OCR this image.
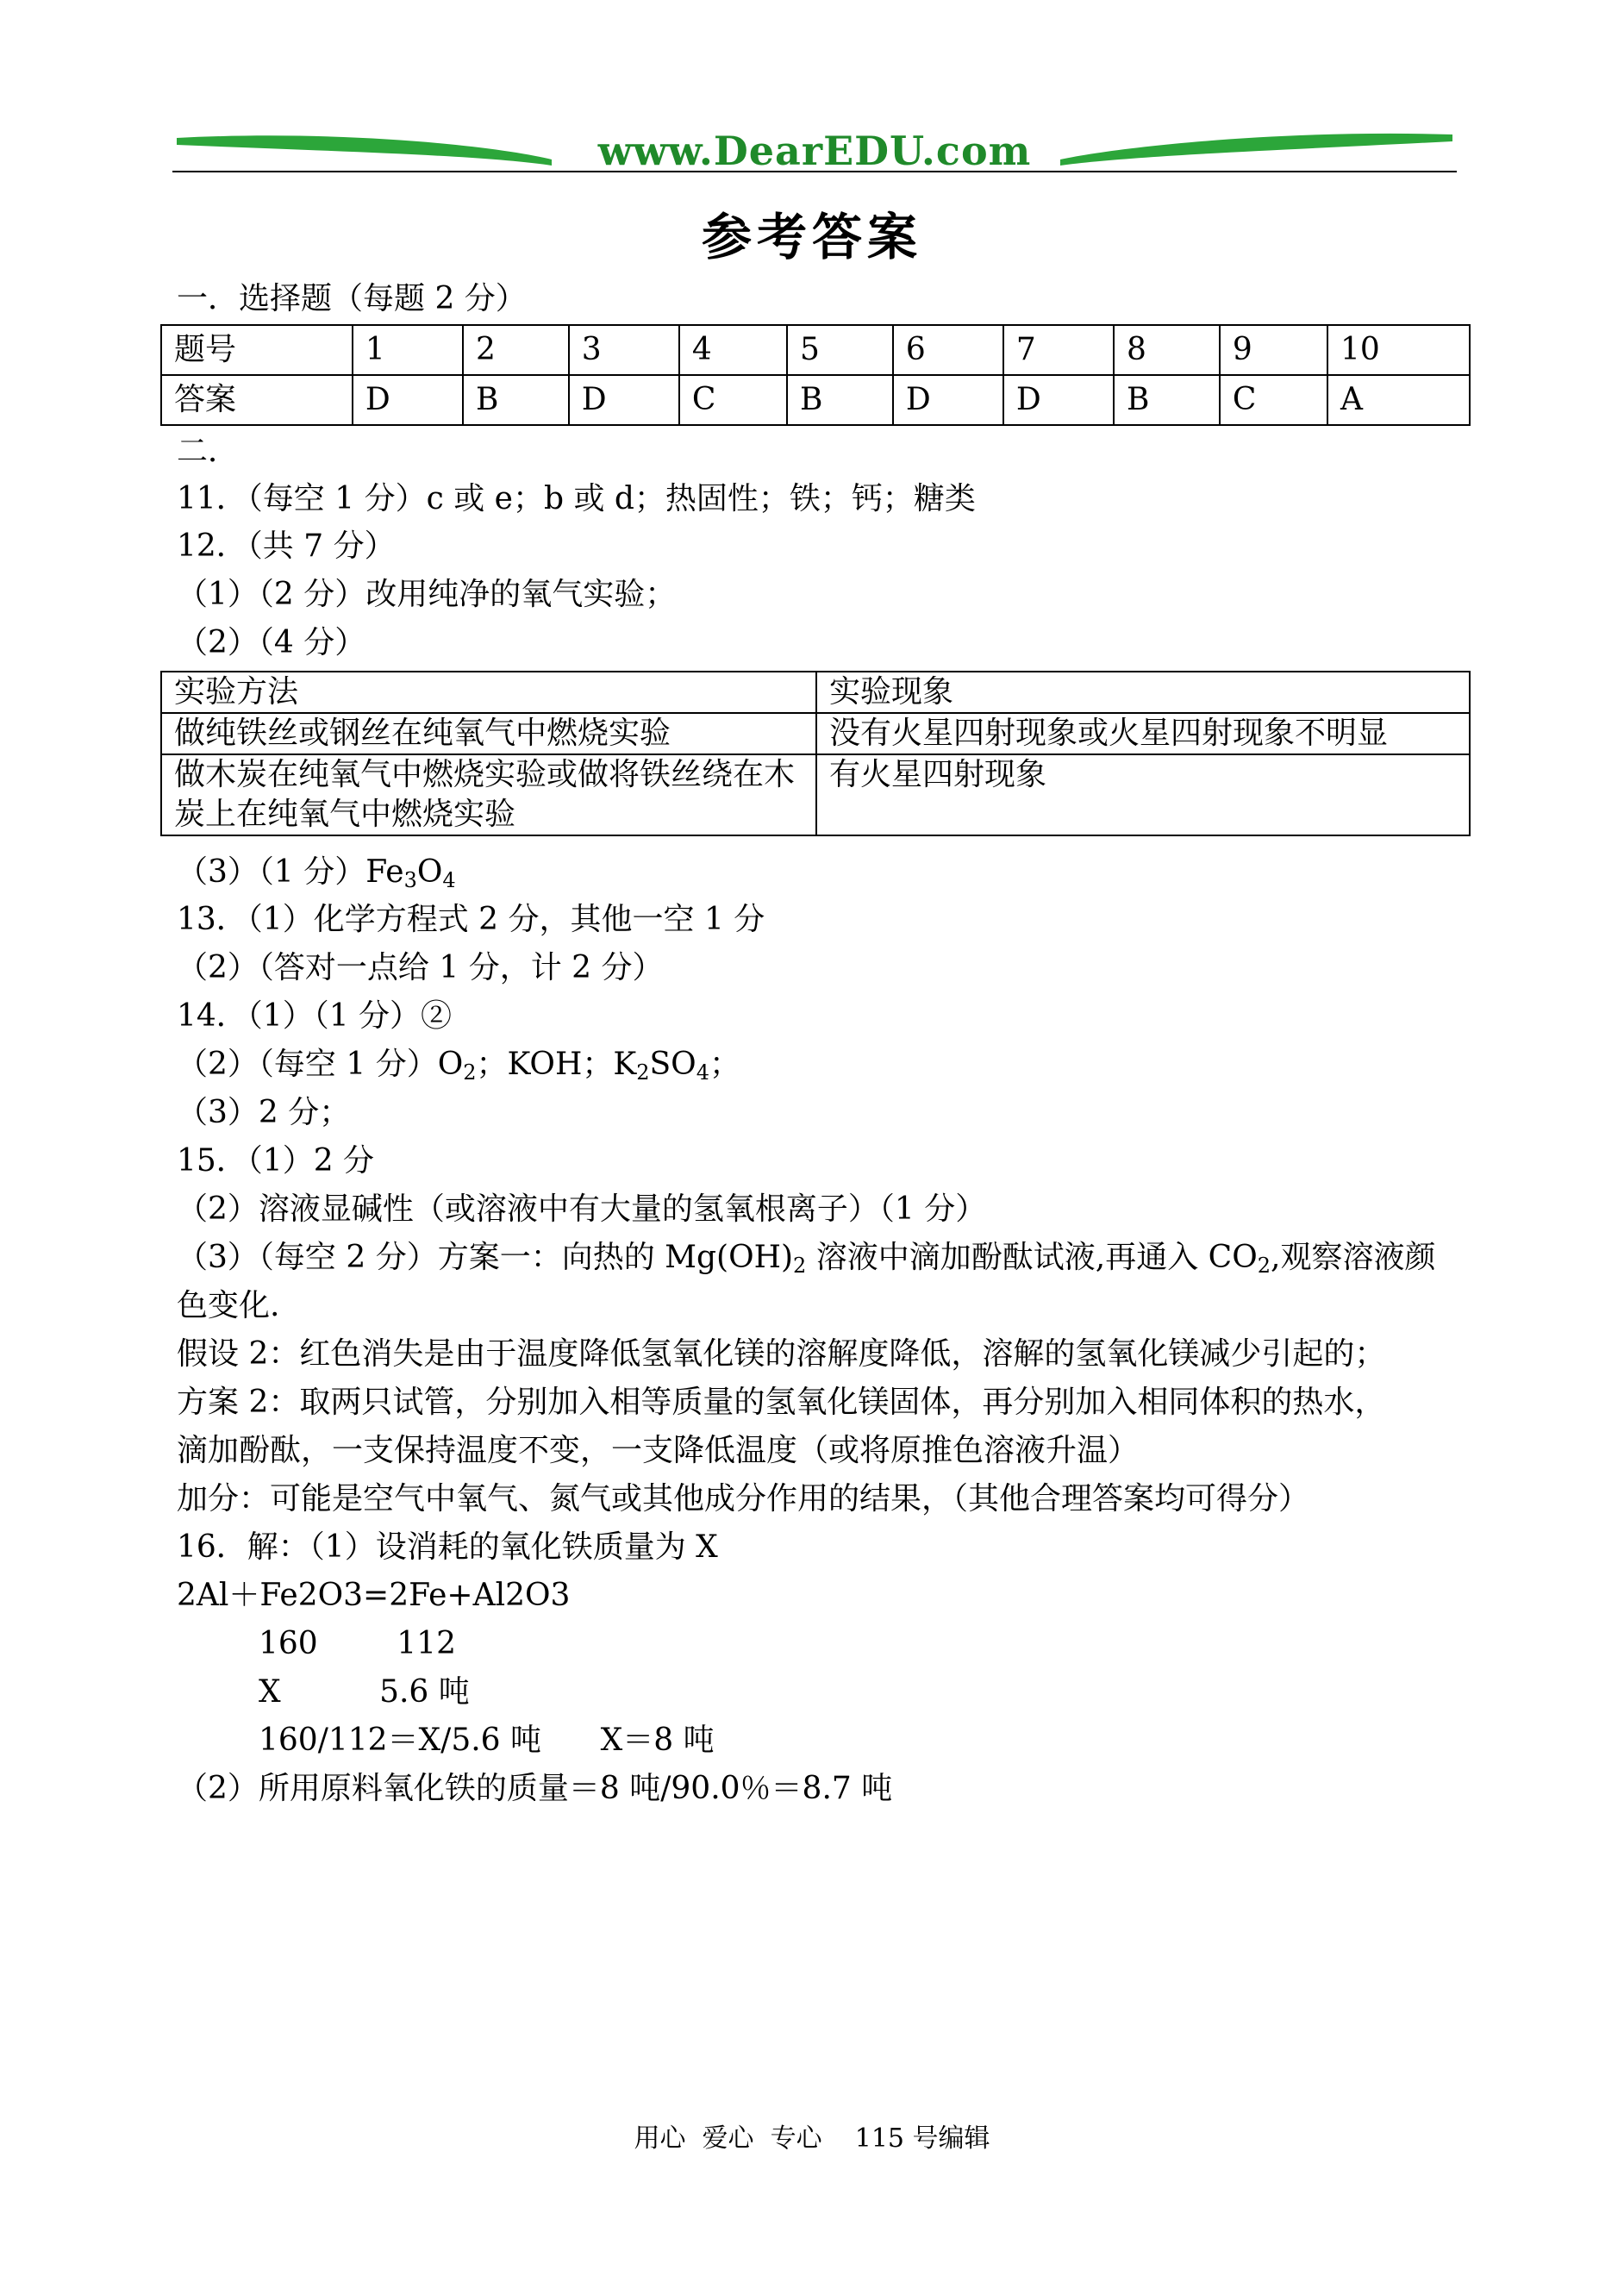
www.DearEDU.com
参考答案
一．选择题（每题 2 分）
题号	1	2	3	4	5	6	7	8	9	10
答案	D	B	D	C	B	D	D	B	C	A
二．
11．（每空 1 分）c 或 e；b 或 d；热固性；铁；钙；糖类
12．（共 7 分）
（1）（2 分）改用纯净的氧气实验；
（2）（4 分）
实验方法	实验现象
做纯铁丝或钢丝在纯氧气中燃烧实验	没有火星四射现象或火星四射现象不明显
做木炭在纯氧气中燃烧实验或做将铁丝绕在木炭上在纯氧气中燃烧实验	有火星四射现象
（3）（1 分）$Fe_3O_4$
13．（1）化学方程式 2 分，其他一空 1 分
（2）（答对一点给 1 分，计 2 分）
14．（1）（1 分）②
（2）（每空 1 分）$O_2$；KOH；$K_2SO_4$；
（3）2 分；
15．（1）2 分
（2）溶液显碱性（或溶液中有大量的氢氧根离子）（1 分）
（3）（每空 2 分）方案一：向热的 $Mg(OH)_2$ 溶液中滴加酚酞试液,再通入 $CO_2$,观察溶液颜
色变化.
假设 2：红色消失是由于温度降低氢氧化镁的溶解度降低，溶解的氢氧化镁减少引起的；
方案 2：取两只试管，分别加入相等质量的氢氧化镁固体，再分别加入相同体积的热水，
滴加酚酞，一支保持温度不变，一支降低温度（或将原推色溶液升温）
加分：可能是空气中氧气、氮气或其他成分作用的结果，（其他合理答案均可得分）
16．解：（1）设消耗的氧化铁质量为 X
2Al＋Fe2O3=2Fe+Al2O3
160        112
X          5.6 吨
160/112＝X/5.6 吨      X＝8 吨
（2）所用原料氧化铁的质量＝8 吨/90.0％＝8.7 吨
用心  爱心  专心    115 号编辑
